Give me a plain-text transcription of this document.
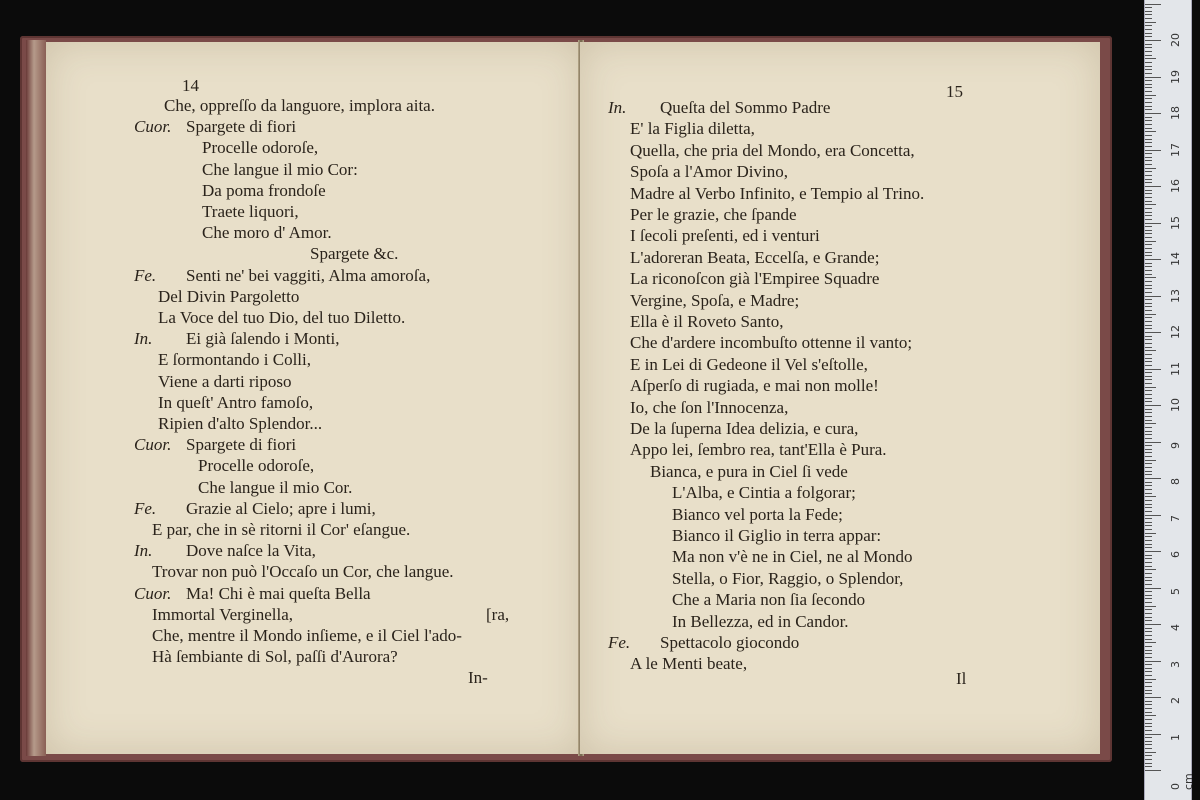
14
Che, oppreſſo da languore, implora aita.
Cuor. Spargete di fiori
Procelle odoroſe,
Che langue il mio Cor:
Da poma frondoſe
Traete liquori,
Che moro d' Amor.
Spargete &c.
Fe. Senti ne' bei vaggiti, Alma amoroſa,
Del Divin Pargoletto
La Voce del tuo Dio, del tuo Diletto.
In. Ei già ſalendo i Monti,
E ſormontando i Colli,
Viene a darti riposo
In queſt' Antro famoſo,
Ripien d'alto Splendor...
Cuor. Spargete di fiori
Procelle odoroſe,
Che langue il mio Cor.
Fe. Grazie al Cielo; apre i lumi,
E par, che in sè ritorni il Cor' eſangue.
In. Dove naſce la Vita,
Trovar non può l'Occaſo un Cor, che langue.
Cuor. Ma! Chi è mai queſta Bella
Immortal Verginella,	[ra,
Che, mentre il Mondo inſieme, e il Ciel l'ado-
Hà ſembiante di Sol, paſſi d'Aurora?
In-
15
In. Queſta del Sommo Padre
E' la Figlia diletta,
Quella, che pria del Mondo, era Concetta,
Spoſa a l'Amor Divino,
Madre al Verbo Infinito, e Tempio al Trino.
Per le grazie, che ſpande
I ſecoli preſenti, ed i venturi
L'adoreran Beata, Eccelſa, e Grande;
La riconoſcon già l'Empiree Squadre
Vergine, Spoſa, e Madre;
Ella è il Roveto Santo,
Che d'ardere incombuſto ottenne il vanto;
E in Lei di Gedeone il Vel s'eſtolle,
Aſperſo di rugiada, e mai non molle!
Io, che ſon l'Innocenza,
De la ſuperna Idea delizia, e cura,
Appo lei, ſembro rea, tant'Ella è Pura.
Bianca, e pura in Ciel ſi vede
L'Alba, e Cintia a folgorar;
Bianco vel porta la Fede;
Bianco il Giglio in terra appar:
Ma non v'è ne in Ciel, ne al Mondo
Stella, o Fior, Raggio, o Splendor,
Che a Maria non ſia ſecondo
In Bellezza, ed in Candor.
Fe. Spettacolo giocondo
A le Menti beate,
Il
1
2
3
4
5
6
7
8
9
10
11
12
13
14
15
16
17
18
19
20
0 cm
